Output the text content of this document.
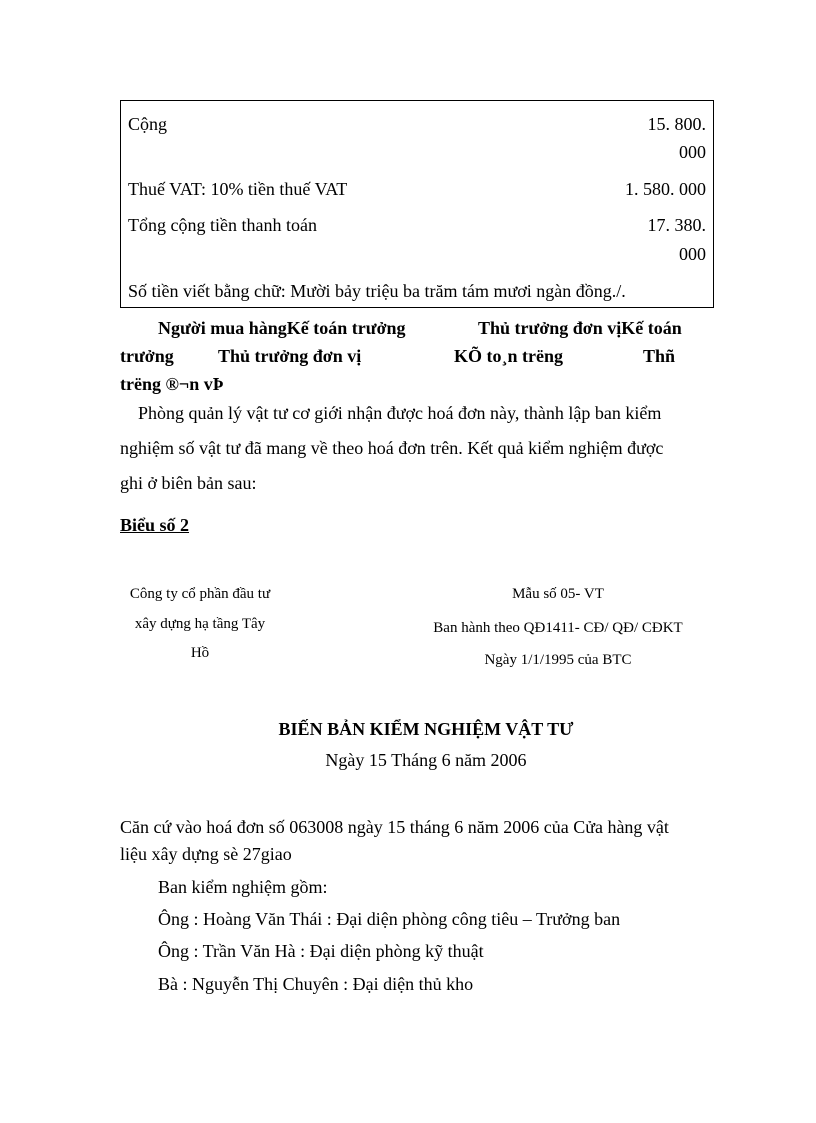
Cộng	15. 800.
000
Thuế VAT: 10% tiền thuế VAT	1. 580. 000
Tổng cộng tiền thanh toán	17. 380.
000
Số tiền viết bằng chữ: Mười bảy triệu ba trăm tám mươi ngàn đồng./.
Người mua hàngKế toán trưởng	Thủ trưởng đơn vịKế toán
trưởng Thủ trưởng đơn vị	KÕ to¸n trëng	Thñ
trëng ®¬n vÞ
Phòng quản lý vật tư cơ giới nhận được hoá đơn này, thành lập ban kiểm
nghiệm số vật tư đã mang về theo hoá đơn trên. Kết quả kiểm nghiệm được
ghi ở biên bản sau:
Biểu số 2
Công ty cổ phần đầu tư
xây dựng hạ tầng Tây
Hồ
Mẫu số 05- VT
Ban hành theo QĐ1411- CĐ/ QĐ/ CĐKT
Ngày 1/1/1995 của BTC
BIẾN BẢN KIỂM NGHIỆM VẬT TƯ
Ngày 15 Tháng 6 năm 2006
Căn cứ vào hoá đơn số 063008 ngày 15 tháng 6 năm 2006 của Cửa hàng vật
liệu xây dựng sè 27giao
Ban kiểm nghiệm gồm:
Ông : Hoàng Văn Thái : Đại diện phòng công tiêu – Trưởng ban
Ông : Trần Văn Hà : Đại diện phòng kỹ thuật
Bà : Nguyễn Thị Chuyên : Đại diện thủ kho
